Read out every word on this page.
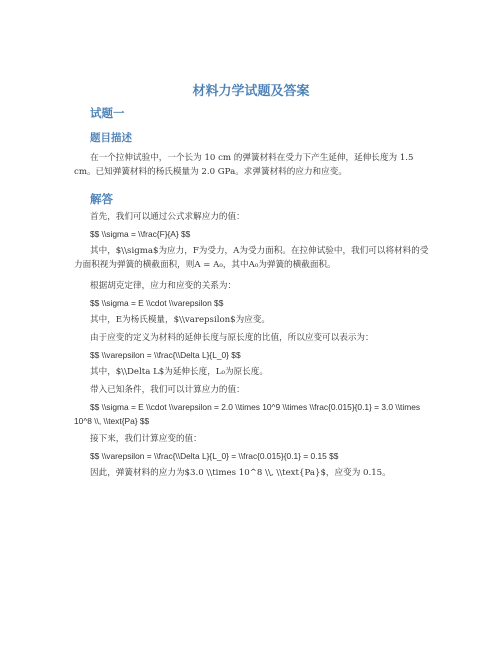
材料力学试题及答案
试题一
题目描述
在一个拉伸试验中，一个长为 10 cm 的弹簧材料在受力下产生延伸，延伸长度为 1.5 cm。已知弹簧材料的杨氏模量为 2.0 GPa。求弹簧材料的应力和应变。
解答
首先，我们可以通过公式求解应力的值：
$$ \\sigma = \\frac{F}{A} $$
其中，$\\sigma$为应力，F为受力，A为受力面积。在拉伸试验中，我们可以将材料的受力面积视为弹簧的横截面积，则A = A₀，其中A₀为弹簧的横截面积。
根据胡克定律，应力和应变的关系为：
$$ \\sigma = E \\cdot \\varepsilon $$
其中，E为杨氏模量，$\\varepsilon$为应变。
由于应变的定义为材料的延伸长度与原长度的比值，所以应变可以表示为：
$$ \\varepsilon = \\frac{\\Delta L}{L_0} $$
其中，$\\Delta L$为延伸长度，L₀为原长度。
带入已知条件，我们可以计算应力的值：
$$ \\sigma = E \\cdot \\varepsilon = 2.0 \\times 10^9 \\times \\frac{0.015}{0.1} = 3.0 \\times 10^8 \\, \\text{Pa} $$
接下来，我们计算应变的值：
$$ \\varepsilon = \\frac{\\Delta L}{L_0} = \\frac{0.015}{0.1} = 0.15 $$
因此，弹簧材料的应力为$3.0 \\times 10^8 \\, \\text{Pa}$，应变为 0.15。
